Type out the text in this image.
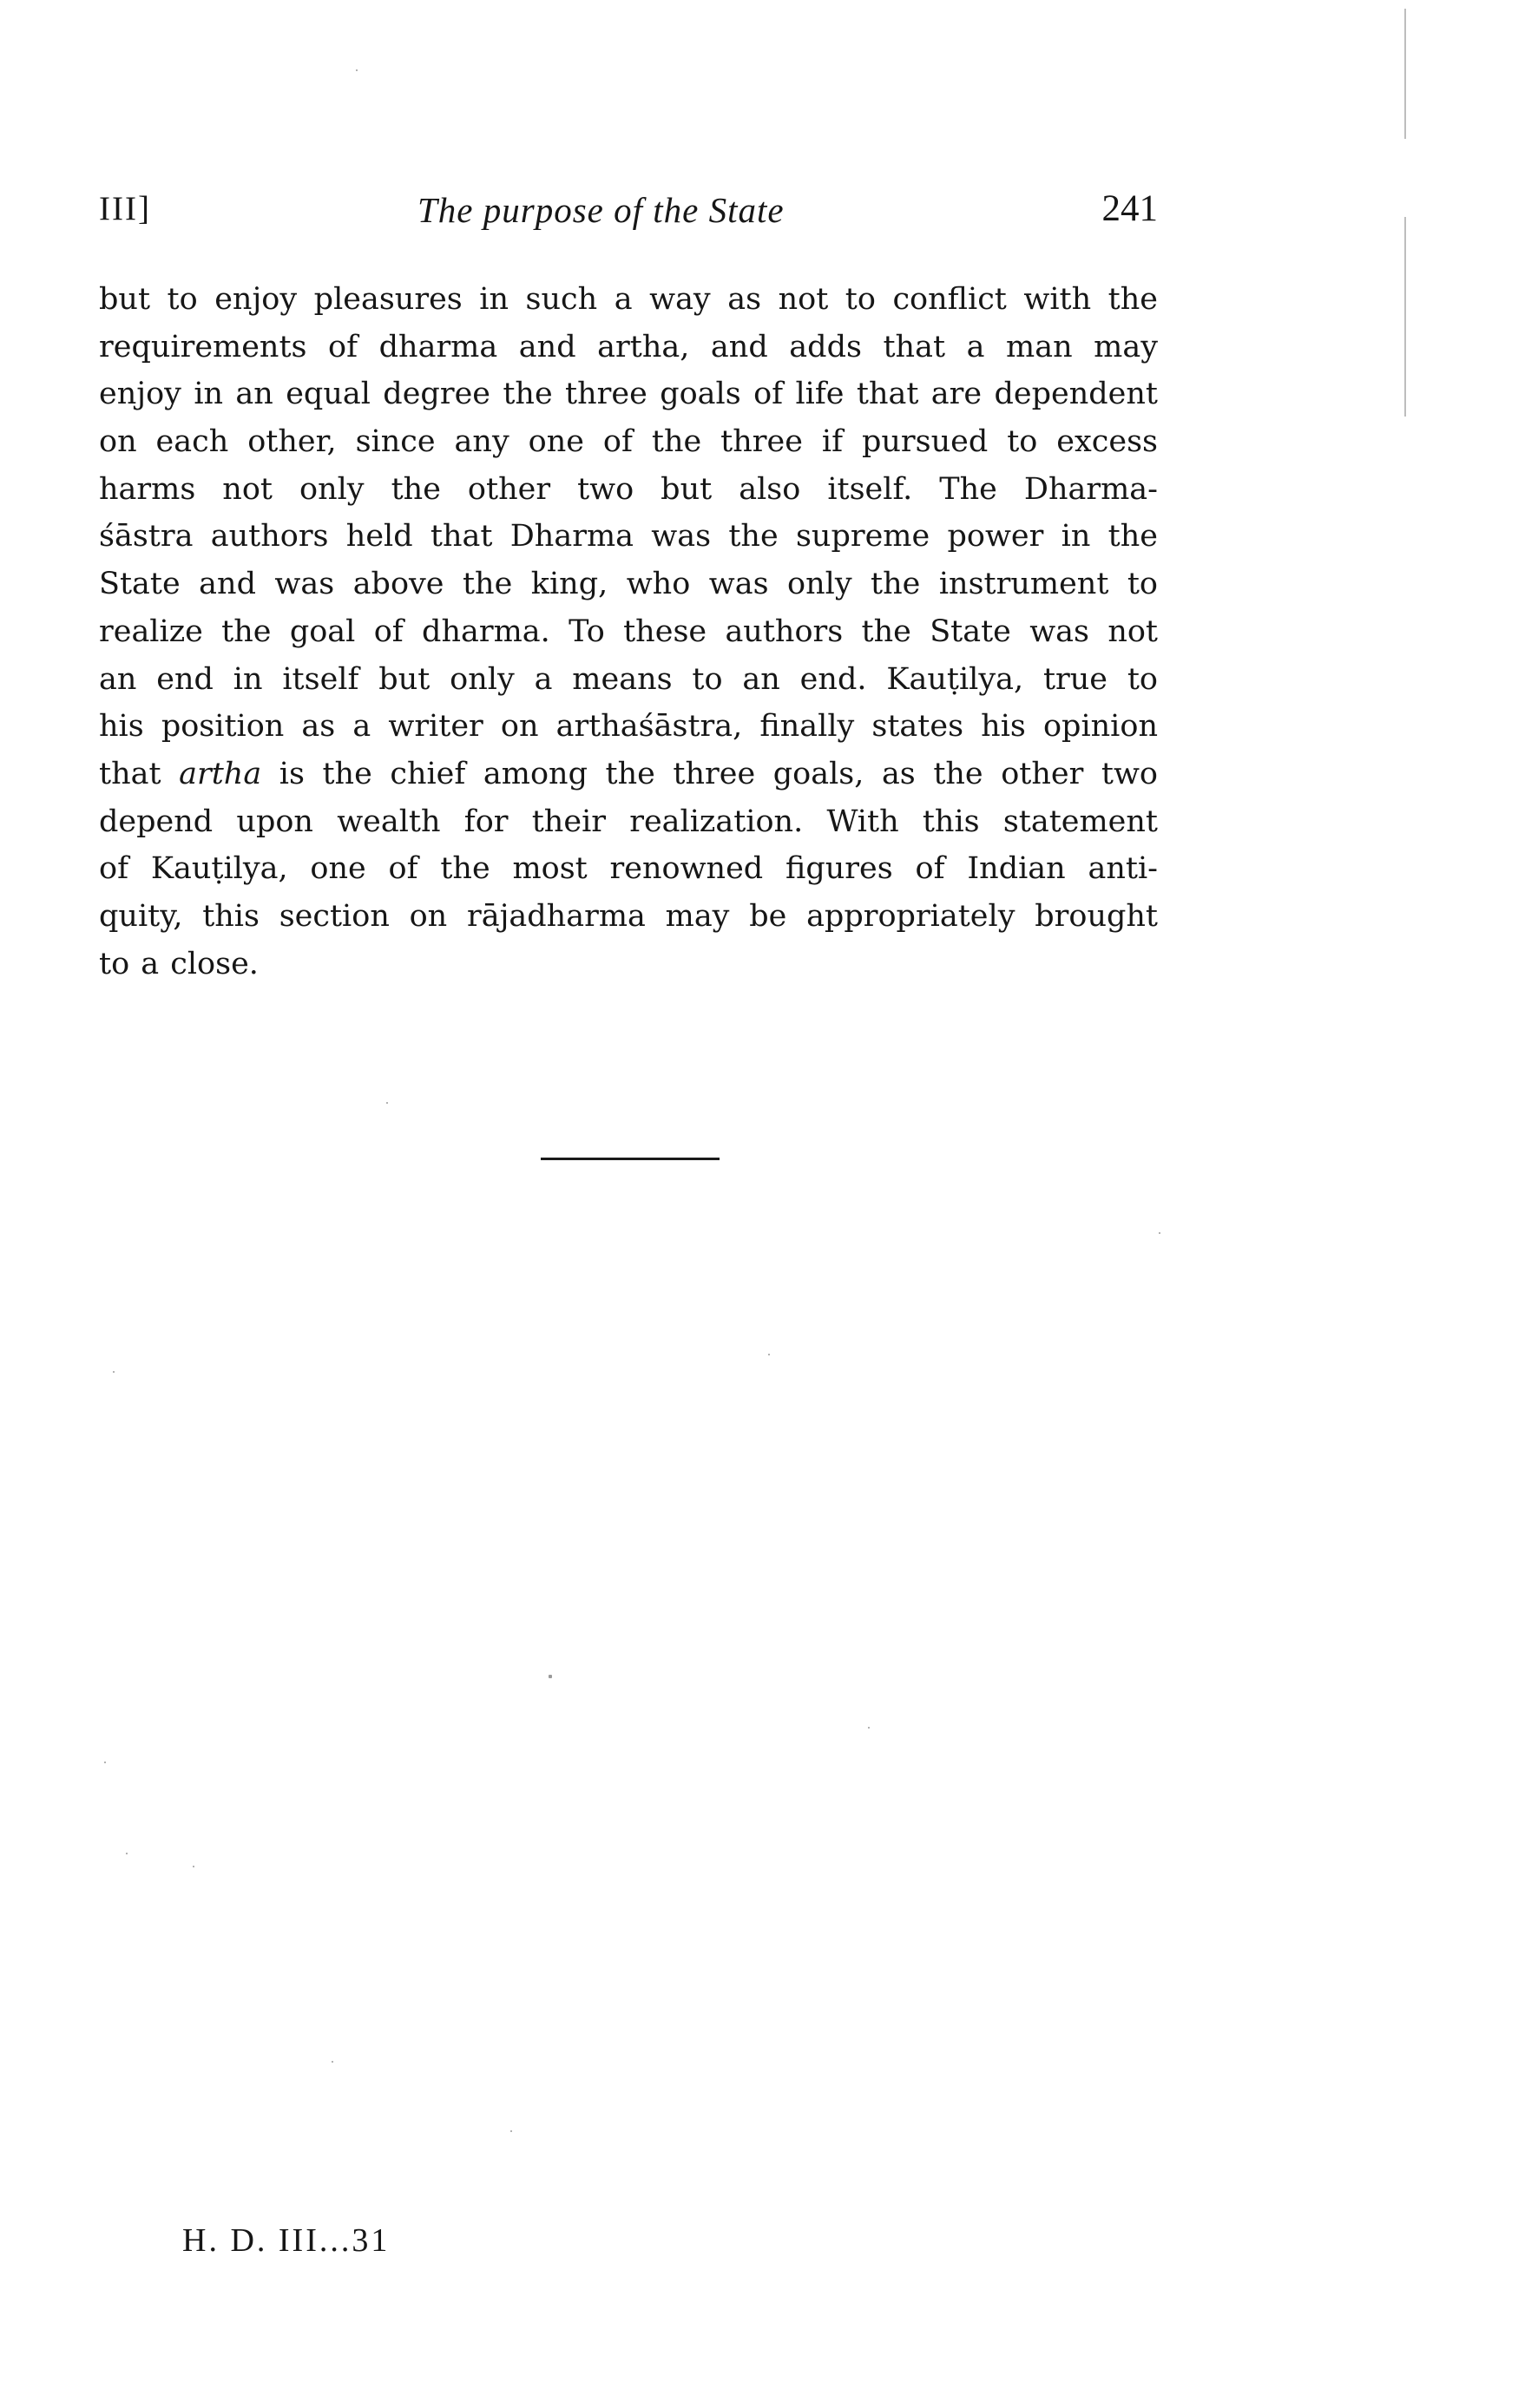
III]	The purpose of the State	241
but to enjoy pleasures in such a way as not to conflict with the
requirements of dharma and artha, and adds that a man may
enjoy in an equal degree the three goals of life that are dependent
on each other, since any one of the three if pursued to excess
harms not only the other two but also itself. The Dharma-
śāstra authors held that Dharma was the supreme power in the
State and was above the king, who was only the instrument to
realize the goal of dharma. To these authors the State was not
an end in itself but only a means to an end. Kauṭilya, true to
his position as a writer on arthaśāstra, finally states his opinion
that artha is the chief among the three goals, as the other two
depend upon wealth for their realization. With this statement
of Kauṭilya, one of the most renowned figures of Indian anti-
quity, this section on rājadharma may be appropriately brought
to a close.
H. D. III...31
